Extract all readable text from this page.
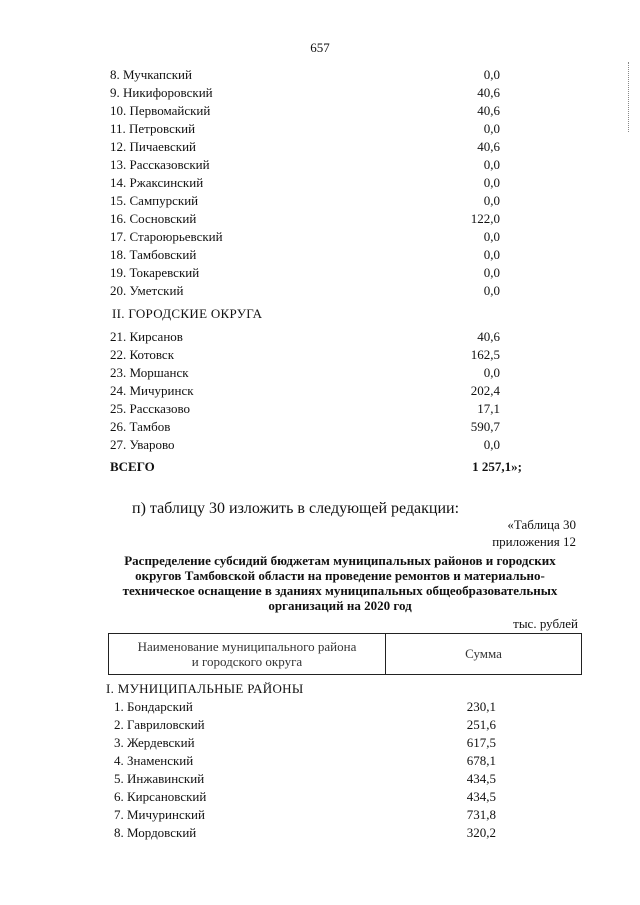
657
8. Мучкапский	0,0
9. Никифоровский	40,6
10. Первомайский	40,6
11. Петровский	0,0
12. Пичаевский	40,6
13. Рассказовский	0,0
14. Ржаксинский	0,0
15. Сампурский	0,0
16. Сосновский	122,0
17. Староюрьевский	0,0
18. Тамбовский	0,0
19. Токаревский	0,0
20. Уметский	0,0
II. ГОРОДСКИЕ ОКРУГА
21. Кирсанов	40,6
22. Котовск	162,5
23. Моршанск	0,0
24. Мичуринск	202,4
25. Рассказово	17,1
26. Тамбов	590,7
27. Уварово	0,0
ВСЕГО	1 257,1»;
п) таблицу 30 изложить в следующей редакции:
«Таблица 30
приложения 12
Распределение субсидий бюджетам муниципальных районов и городских округов Тамбовской области на проведение ремонтов и материально-техническое оснащение в зданиях муниципальных общеобразовательных организаций на 2020 год
тыс. рублей
Наименование муниципального района
и городского округа
Сумма
I. МУНИЦИПАЛЬНЫЕ РАЙОНЫ
1. Бондарский	230,1
2. Гавриловский	251,6
3. Жердевский	617,5
4. Знаменский	678,1
5. Инжавинский	434,5
6. Кирсановский	434,5
7. Мичуринский	731,8
8. Мордовский	320,2
